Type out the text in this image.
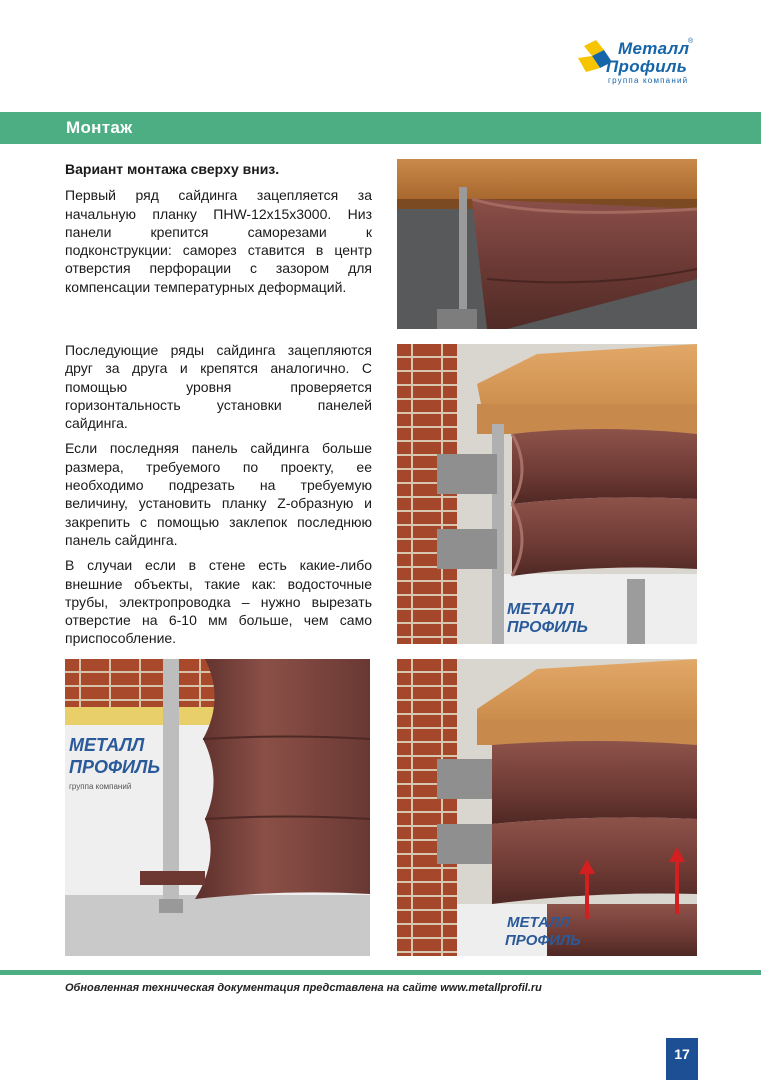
Металл
Профиль
®
группа компаний
Монтаж
Вариант монтажа сверху вниз.

Первый ряд сайдинга зацепляется за начальную планку ПНW-12х15х3000. Низ панели крепится саморезами к подконструкции: саморез ставится в центр отверстия перфорации с зазором для компенсации температурных деформаций.

Последующие ряды сайдинга зацепляются друг за друга и крепятся аналогично. С помощью уровня проверяется горизонтальность установки панелей сайдинга.

Если последняя панель сайдинга больше размера, требуемого по проекту, ее необходимо подрезать на требуемую величину, установить планку Z-образную и закрепить с помощью заклепок последнюю панель сайдинга.

В случаи если в стене есть какие-либо внешние объекты, такие как: водосточные трубы, электропроводка – нужно вырезать отверстие на 6-10 мм больше, чем само приспособление.

МЕТАЛЛ
ПРОФИЛЬ
МЕТАЛЛ
ПРОФИЛЬ
группа компаний
МЕТАЛЛ
ПРОФИЛЬ
Обновленная техническая документация представлена на сайте www.metallprofil.ru
17
